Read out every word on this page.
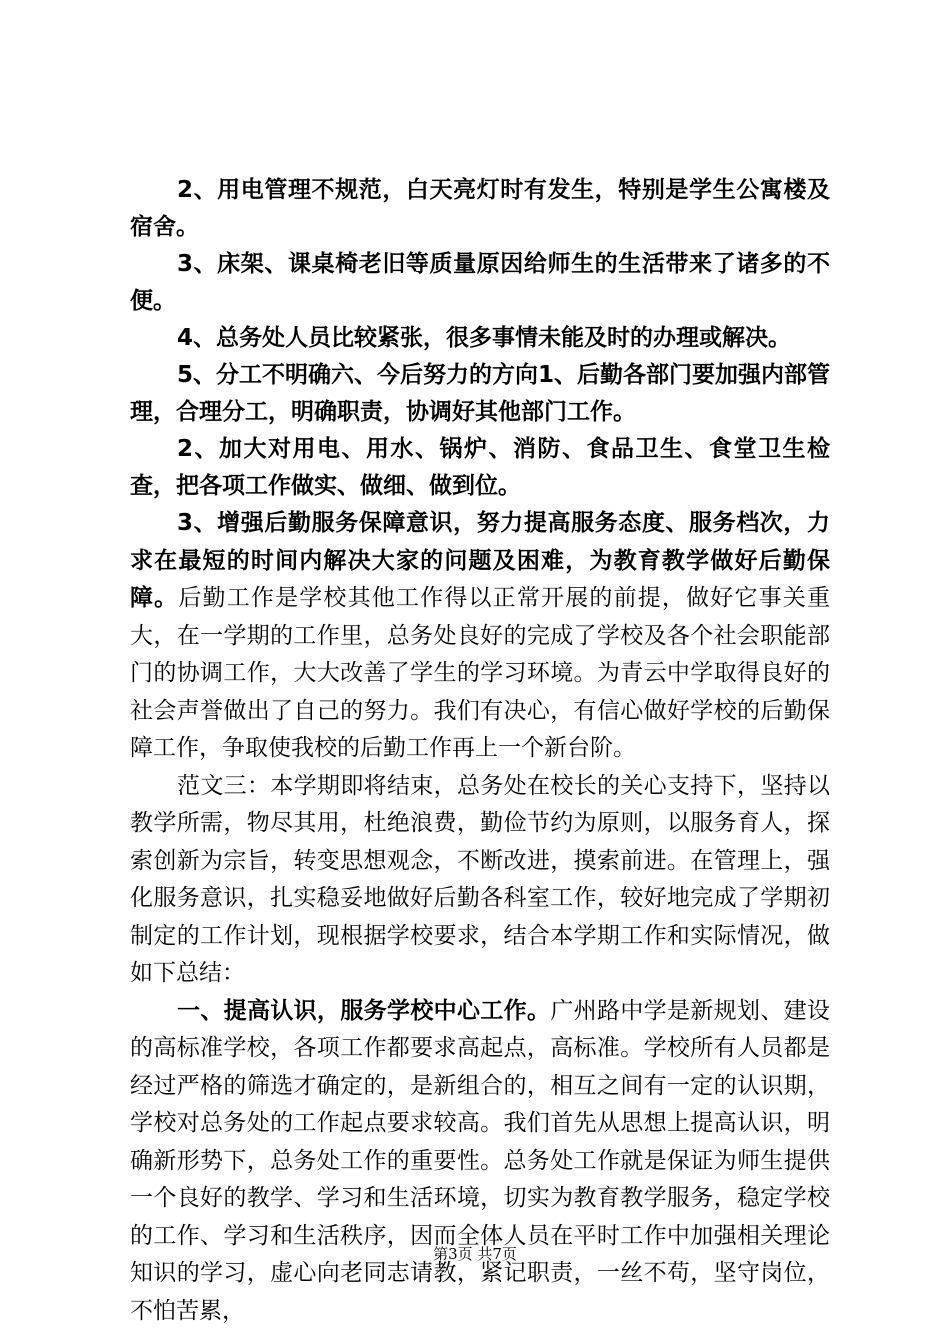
2、用电管理不规范，白天亮灯时有发生，特别是学生公寓楼及宿舍。

3、床架、课桌椅老旧等质量原因给师生的生活带来了诸多的不便。

4、总务处人员比较紧张，很多事情未能及时的办理或解决。

5、分工不明确六、今后努力的方向1、后勤各部门要加强内部管理，合理分工，明确职责，协调好其他部门工作。

2、加大对用电、用水、锅炉、消防、食品卫生、食堂卫生检查，把各项工作做实、做细、做到位。

3、增强后勤服务保障意识，努力提高服务态度、服务档次，力求在最短的时间内解决大家的问题及困难，为教育教学做好后勤保障。后勤工作是学校其他工作得以正常开展的前提，做好它事关重大，在一学期的工作里，总务处良好的完成了学校及各个社会职能部门的协调工作，大大改善了学生的学习环境。为青云中学取得良好的社会声誉做出了自己的努力。我们有决心，有信心做好学校的后勤保障工作，争取使我校的后勤工作再上一个新台阶。

范文三：本学期即将结束，总务处在校长的关心支持下，坚持以教学所需，物尽其用，杜绝浪费，勤俭节约为原则，以服务育人，探索创新为宗旨，转变思想观念，不断改进，摸索前进。在管理上，强化服务意识，扎实稳妥地做好后勤各科室工作，较好地完成了学期初制定的工作计划，现根据学校要求，结合本学期工作和实际情况，做如下总结：

一、提高认识，服务学校中心工作。广州路中学是新规划、建设的高标准学校，各项工作都要求高起点，高标准。学校所有人员都是经过严格的筛选才确定的，是新组合的，相互之间有一定的认识期，学校对总务处的工作起点要求较高。我们首先从思想上提高认识，明确新形势下，总务处工作的重要性。总务处工作就是保证为师生提供一个良好的教学、学习和生活环境，切实为教育教学服务，稳定学校的工作、学习和生活秩序，因而全体人员在平时工作中加强相关理论知识的学习，虚心向老同志请教，紧记职责，一丝不苟，坚守岗位，不怕苦累，

第3页 共7页
